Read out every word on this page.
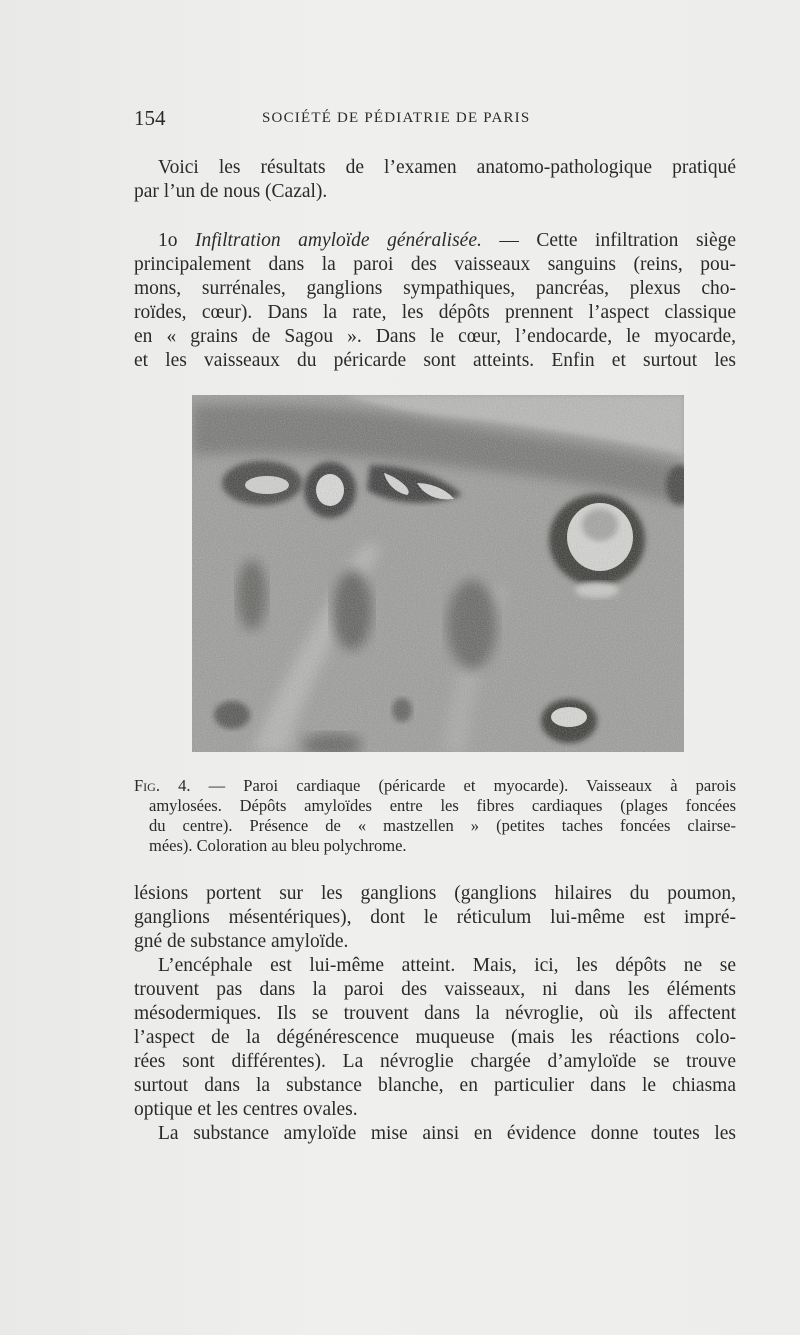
154	SOCIÉTÉ DE PÉDIATRIE DE PARIS
Voici les résultats de l’examen anatomo-pathologique pratiqué
par l’un de nous (Cazal).
1o Infiltration amyloïde généralisée. — Cette infiltration siège
principalement dans la paroi des vaisseaux sanguins (reins, pou-
mons, surrénales, ganglions sympathiques, pancréas, plexus cho-
roïdes, cœur). Dans la rate, les dépôts prennent l’aspect classique
en « grains de Sagou ». Dans le cœur, l’endocarde, le myocarde,
et les vaisseaux du péricarde sont atteints. Enfin et surtout les
Fig. 4. — Paroi cardiaque (péricarde et myocarde). Vaisseaux à parois
amylosées. Dépôts amyloïdes entre les fibres cardiaques (plages foncées
du centre). Présence de « mastzellen » (petites taches foncées clairse-
mées). Coloration au bleu polychrome.
lésions portent sur les ganglions (ganglions hilaires du poumon,
ganglions mésentériques), dont le réticulum lui-même est impré-
gné de substance amyloïde.
L’encéphale est lui-même atteint. Mais, ici, les dépôts ne se
trouvent pas dans la paroi des vaisseaux, ni dans les éléments
mésodermiques. Ils se trouvent dans la névroglie, où ils affectent
l’aspect de la dégénérescence muqueuse (mais les réactions colo-
rées sont différentes). La névroglie chargée d’amyloïde se trouve
surtout dans la substance blanche, en particulier dans le chiasma
optique et les centres ovales.
La substance amyloïde mise ainsi en évidence donne toutes les
